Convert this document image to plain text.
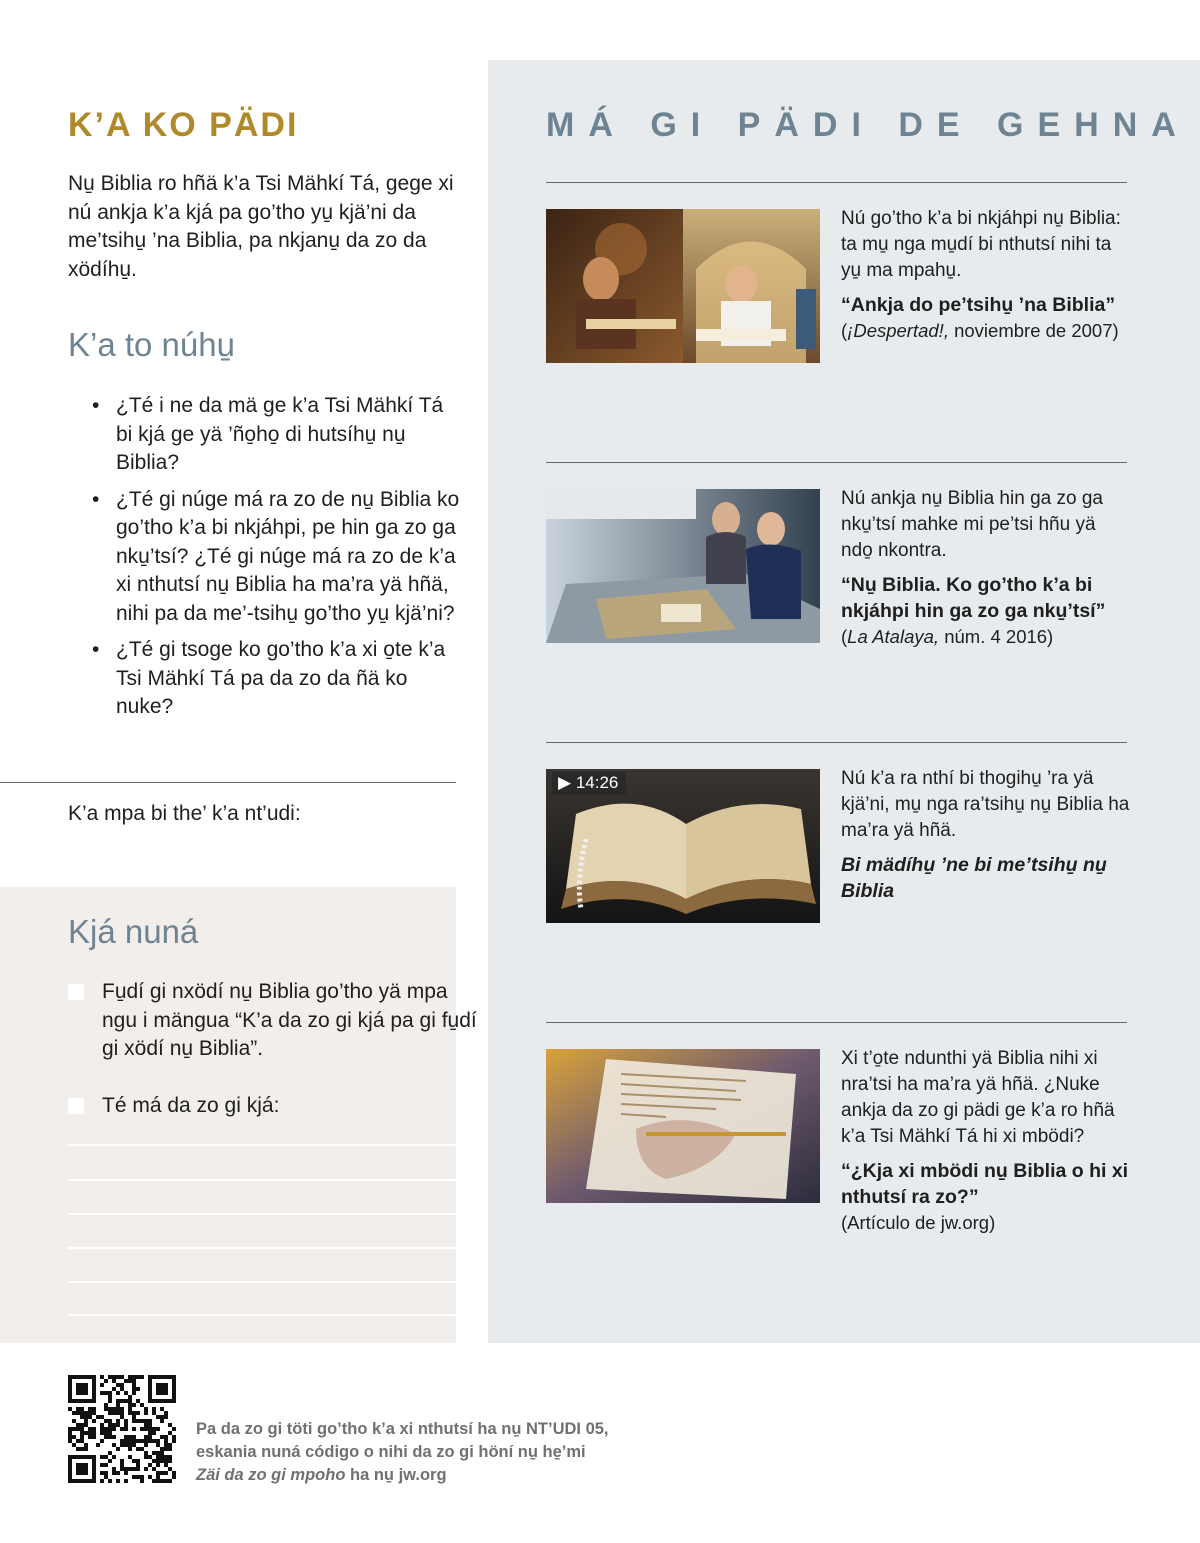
K’A KO PÄDI

Nu̱ Biblia ro hñä k’a Tsi Mähkí Tá, gege xi nú ankja k’a kjá pa go’tho yu̱ kjä’ni da me’tsihu̱ ’na Biblia, pa nkjanu̱ da zo da xödíhu̱.

K’a to núhu̱
• ¿Té i ne da mä ge k’a Tsi Mähkí Tá bi kjá ge yä ’ño̱ho̱ di hutsíhu̱ nu̱ Biblia?
• ¿Té gi núge má ra zo de nu̱ Biblia ko go’tho k’a bi nkjáhpi, pe hin ga zo ga nku̱’tsí? ¿Té gi núge má ra zo de k’a xi nthutsí nu̱ Biblia ha ma’ra yä hñä, nihi pa da me’-tsihu̱ go’tho yu̱ kjä’ni?
• ¿Té gi tsoge ko go’tho k’a xi o̱te k’a Tsi Mähkí Tá pa da zo da ñä ko nuke?

K’a mpa bi the’ k’a nt’udi:

Kjá nuná
Fu̱dí gi nxödí nu̱ Biblia go’tho yä mpa ngu i mängua “K’a da zo gi kjá pa gi fu̱dí gi xödí nu̱ Biblia”.
Té má da zo gi kjá:
MÁ GI PÄDI DE GEHNA

Nú go’tho k’a bi nkjáhpi nu̱ Biblia: ta mu̱ nga mu̱dí bi nthutsí nihi ta yu̱ ma mpahu̱.

“Ankja do pe’tsihu̱ ’na Biblia”

(¡Despertad!, noviembre de 2007)

Nú ankja nu̱ Biblia hin ga zo ga nku̱’tsí mahke mi pe’tsi hñu yä ndo̱ nkontra.

“Nu̱ Biblia. Ko go’tho k’a bi nkjáhpi hin ga zo ga nku̱’tsí”

(La Atalaya, núm. 4 2016)

▶ 14:26	Nú k’a ra nthí bi thogihu̱ ’ra yä kjä’ni, mu̱ nga ra’tsihu̱ nu̱ Biblia ha ma’ra yä hñä.

Bi mädíhu̱ ’ne bi me’tsihu̱ nu̱ Biblia

Xi t’o̱te ndunthi yä Biblia nihi xi nra’tsi ha ma’ra yä hñä. ¿Nuke ankja da zo gi pädi ge k’a ro hñä k’a Tsi Mähkí Tá hi xi mbödi?

“¿Kja xi mbödi nu̱ Biblia o hi xi nthutsí ra zo?”

(Artículo de jw.org)

Pa da zo gi töti go’tho k’a xi nthutsí ha nu̱ NT’UDI 05,
eskania nuná código o nihi da zo gi höní nu̱ he̱’mi
Zäi da zo gi mpoho ha nu̱ jw.org
